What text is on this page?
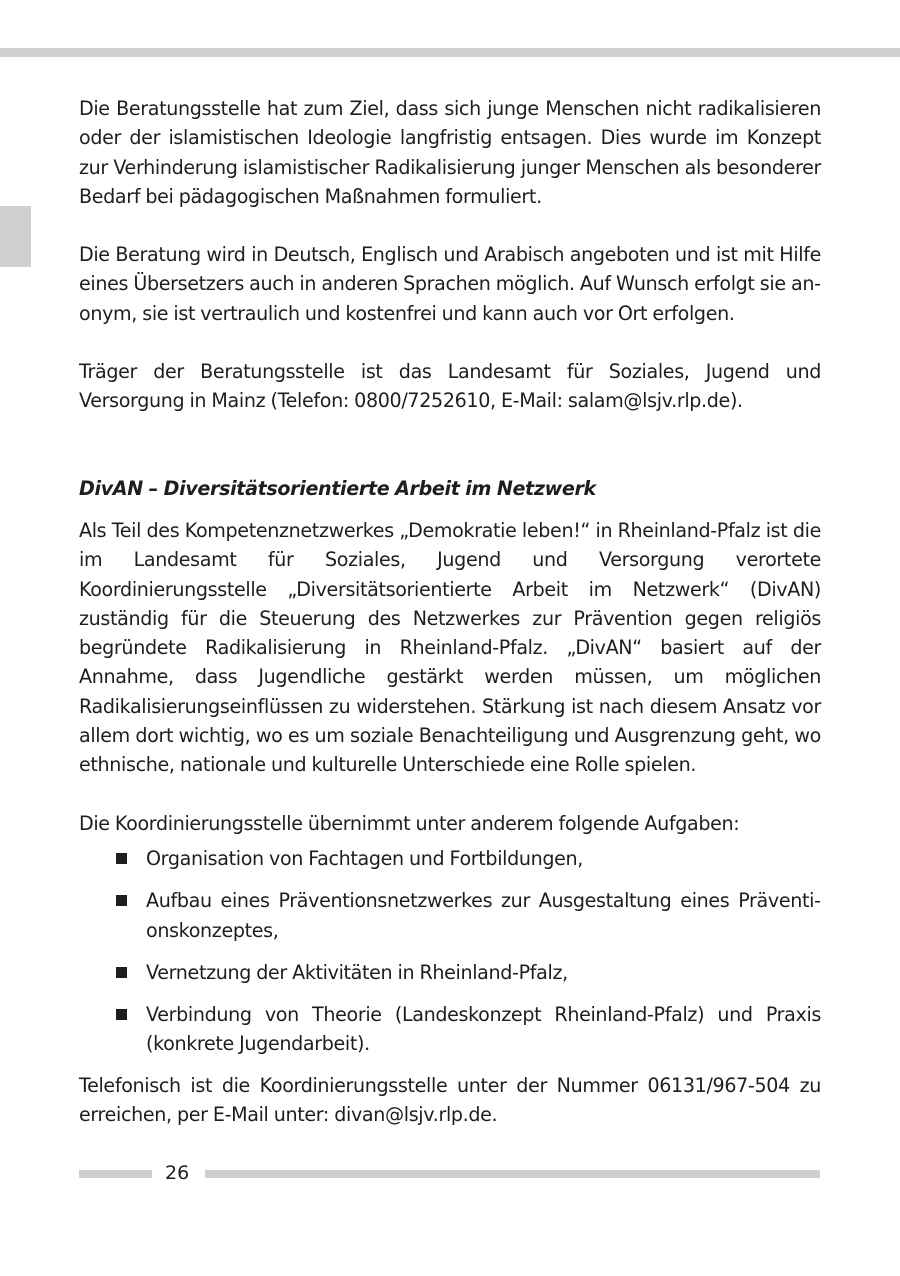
Die Beratungsstelle hat zum Ziel, dass sich junge Menschen nicht radikalisieren oder der islamistischen Ideologie langfristig entsagen. Dies wurde im Konzept zur Verhinderung islamistischer Radikalisierung junger Menschen als besonderer Bedarf bei pädagogischen Maßnahmen formuliert.

Die Beratung wird in Deutsch, Englisch und Arabisch angeboten und ist mit Hilfe eines Übersetzers auch in anderen Sprachen möglich. Auf Wunsch erfolgt sie anonym, sie ist vertraulich und kostenfrei und kann auch vor Ort erfolgen.

Träger der Beratungsstelle ist das Landesamt für Soziales, Jugend und Versorgung in Mainz (Telefon: 0800/7252610, E-Mail: salam@lsjv.rlp.de).

DivAN – Diversitätsorientierte Arbeit im Netzwerk

Als Teil des Kompetenznetzwerkes „Demokratie leben!“ in Rheinland-Pfalz ist die im Landesamt für Soziales, Jugend und Versorgung verortete Koordinierungsstelle „Diversitätsorientierte Arbeit im Netzwerk“ (DivAN) zuständig für die Steuerung des Netzwerkes zur Prävention gegen religiös begründete Radikalisierung in Rheinland-Pfalz. „DivAN“ basiert auf der Annahme, dass Jugendliche gestärkt werden müssen, um möglichen Radikalisierungseinflüssen zu widerstehen. Stärkung ist nach diesem Ansatz vor allem dort wichtig, wo es um soziale Benachteiligung und Ausgrenzung geht, wo ethnische, nationale und kulturelle Unterschiede eine Rolle spielen.

Die Koordinierungsstelle übernimmt unter anderem folgende Aufgaben:

Organisation von Fachtagen und Fortbildungen,
Aufbau eines Präventionsnetzwerkes zur Ausgestaltung eines Präventionskonzeptes,
Vernetzung der Aktivitäten in Rheinland-Pfalz,
Verbindung von Theorie (Landeskonzept Rheinland-Pfalz) und Praxis (konkrete Jugendarbeit).

Telefonisch ist die Koordinierungsstelle unter der Nummer 06131/967-504 zu erreichen, per E-Mail unter: divan@lsjv.rlp.de.

26
